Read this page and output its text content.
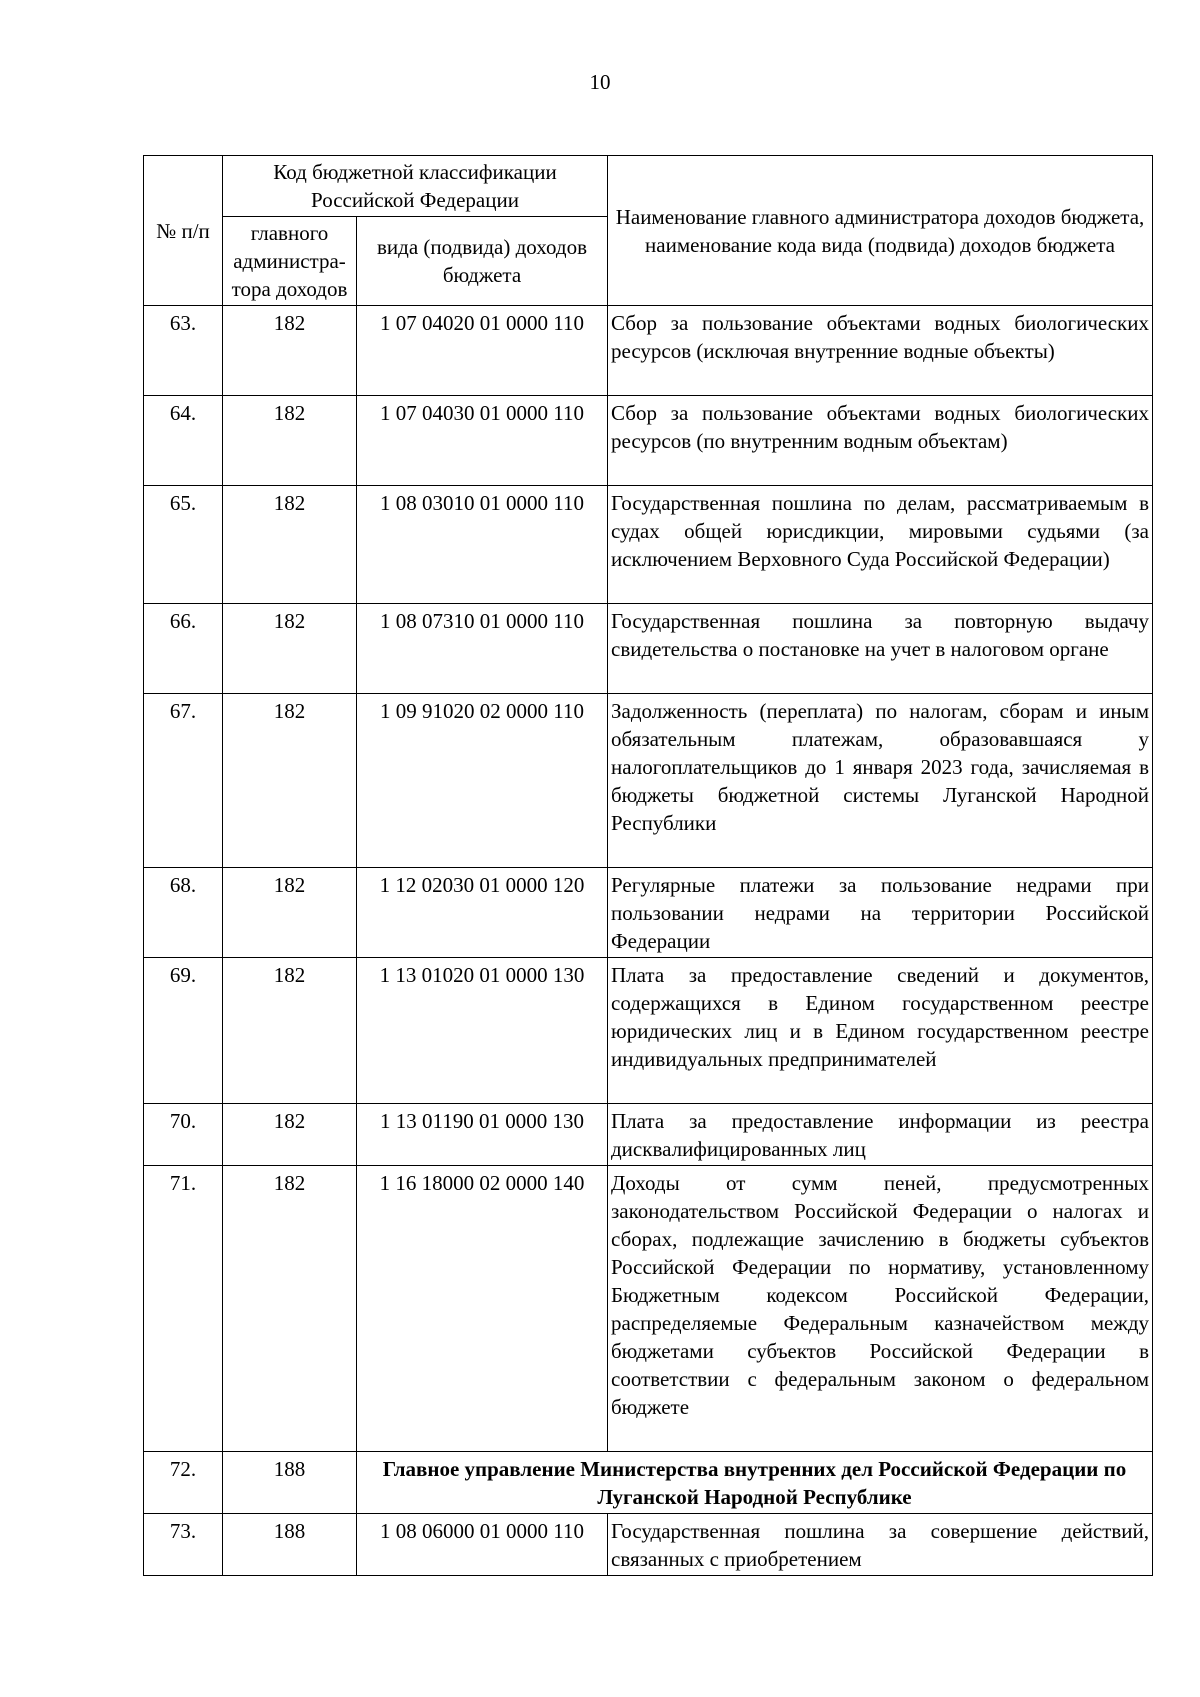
10
№ п/п	Код бюджетной классификации Российской Федерации		Наименование главного администратора доходов бюджета, наименование кода вида (подвида) доходов бюджета
	главного администра-тора доходов	вида (подвида) доходов бюджета	
63.	182	1 07 04020 01 0000 110	Сбор за пользование объектами водных биологических ресурсов (исключая внутренние водные объекты)
64.	182	1 07 04030 01 0000 110	Сбор за пользование объектами водных биологических ресурсов (по внутренним водным объектам)
65.	182	1 08 03010 01 0000 110	Государственная пошлина по делам, рассматриваемым в судах общей юрисдикции, мировыми судьями (за исключением Верховного Суда Российской Федерации)
66.	182	1 08 07310 01 0000 110	Государственная пошлина за повторную выдачу свидетельства о постановке на учет в налоговом органе
67.	182	1 09 91020 02 0000 110	Задолженность (переплата) по налогам, сборам и иным обязательным платежам, образовавшаяся у налогоплательщиков до 1 января 2023 года, зачисляемая в бюджеты бюджетной системы Луганской Народной Республики
68.	182	1 12 02030 01 0000 120	Регулярные платежи за пользование недрами при пользовании недрами на территории Российской Федерации
69.	182	1 13 01020 01 0000 130	Плата за предоставление сведений и документов, содержащихся в Едином государственном реестре юридических лиц и в Едином государственном реестре индивидуальных предпринимателей
70.	182	1 13 01190 01 0000 130	Плата за предоставление информации из реестра дисквалифицированных лиц
71.	182	1 16 18000 02 0000 140	Доходы от сумм пеней, предусмотренных законодательством Российской Федерации о налогах и сборах, подлежащие зачислению в бюджеты субъектов Российской Федерации по нормативу, установленному Бюджетным кодексом Российской Федерации, распределяемые Федеральным казначейством между бюджетами субъектов Российской Федерации в соответствии с федеральным законом о федеральном бюджете
72.	188	Главное управление Министерства внутренних дел Российской Федерации по Луганской Народной Республике	
73.	188	1 08 06000 01 0000 110	Государственная пошлина за совершение действий, связанных с приобретением
